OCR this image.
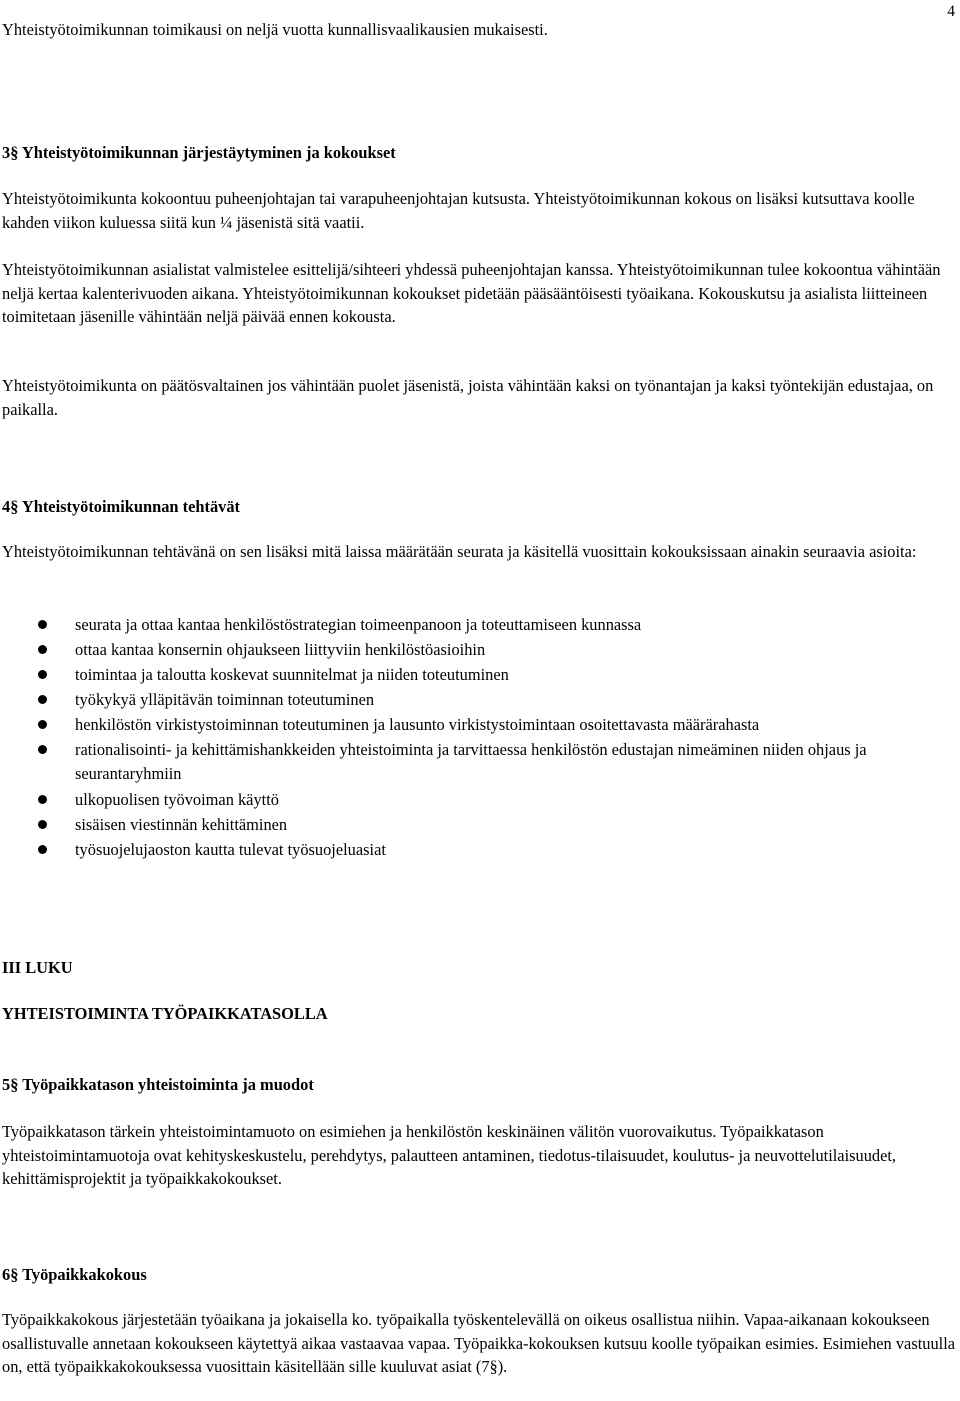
4

Yhteistyötoimikunnan toimikausi on neljä vuotta kunnallisvaalikausien mukaisesti.

3§ Yhteistyötoimikunnan järjestäytyminen ja kokoukset

Yhteistyötoimikunta kokoontuu puheenjohtajan tai varapuheenjohtajan kutsusta. Yhteistyötoimikunnan kokous on lisäksi kutsuttava koolle kahden viikon kuluessa siitä kun ¼ jäsenistä sitä vaatii.

Yhteistyötoimikunnan asialistat valmistelee esittelijä/sihteeri yhdessä puheenjohtajan kanssa. Yhteistyötoimikunnan tulee kokoontua vähintään neljä kertaa kalenterivuoden aikana. Yhteistyötoimikunnan kokoukset pidetään pääsääntöisesti työaikana. Kokouskutsu ja asialista liitteineen toimitetaan jäsenille vähintään neljä päivää ennen kokousta.

Yhteistyötoimikunta on päätösvaltainen jos vähintään puolet jäsenistä, joista vähintään kaksi on työnantajan ja kaksi työntekijän edustajaa, on paikalla.

4§ Yhteistyötoimikunnan tehtävät

Yhteistyötoimikunnan tehtävänä on sen lisäksi mitä laissa määrätään seurata ja käsitellä vuosittain kokouksissaan ainakin seuraavia asioita:

seurata ja ottaa kantaa henkilöstöstrategian toimeenpanoon ja toteuttamiseen kunnassa
ottaa kantaa konsernin ohjaukseen liittyviin henkilöstöasioihin
toimintaa ja taloutta koskevat suunnitelmat ja niiden toteutuminen
työkykyä ylläpitävän toiminnan toteutuminen
henkilöstön virkistystoiminnan toteutuminen ja lausunto virkistystoimintaan osoitettavasta määrärahasta
rationalisointi- ja kehittämishankkeiden yhteistoiminta ja tarvittaessa henkilöstön edustajan nimeäminen niiden ohjaus ja seurantaryhmiin
ulkopuolisen työvoiman käyttö
sisäisen viestinnän kehittäminen
työsuojelujaoston kautta tulevat työsuojeluasiat

III LUKU

YHTEISTOIMINTA TYÖPAIKKATASOLLA

5§ Työpaikkatason yhteistoiminta ja muodot

Työpaikkatason tärkein yhteistoimintamuoto on esimiehen ja henkilöstön keskinäinen välitön vuorovaikutus. Työpaikkatason yhteistoimintamuotoja ovat kehityskeskustelu, perehdytys, palautteen antaminen, tiedotus-tilaisuudet, koulutus- ja neuvottelutilaisuudet, kehittämisprojektit ja työpaikkakokoukset.

6§ Työpaikkakokous

Työpaikkakokous järjestetään työaikana ja jokaisella ko. työpaikalla työskentelevällä on oikeus osallistua niihin. Vapaa-aikanaan kokoukseen osallistuvalle annetaan kokoukseen käytettyä aikaa vastaavaa vapaa. Työpaikka-kokouksen kutsuu koolle työpaikan esimies. Esimiehen vastuulla on, että työpaikkakokouksessa vuosittain käsitellään sille kuuluvat asiat (7§).
